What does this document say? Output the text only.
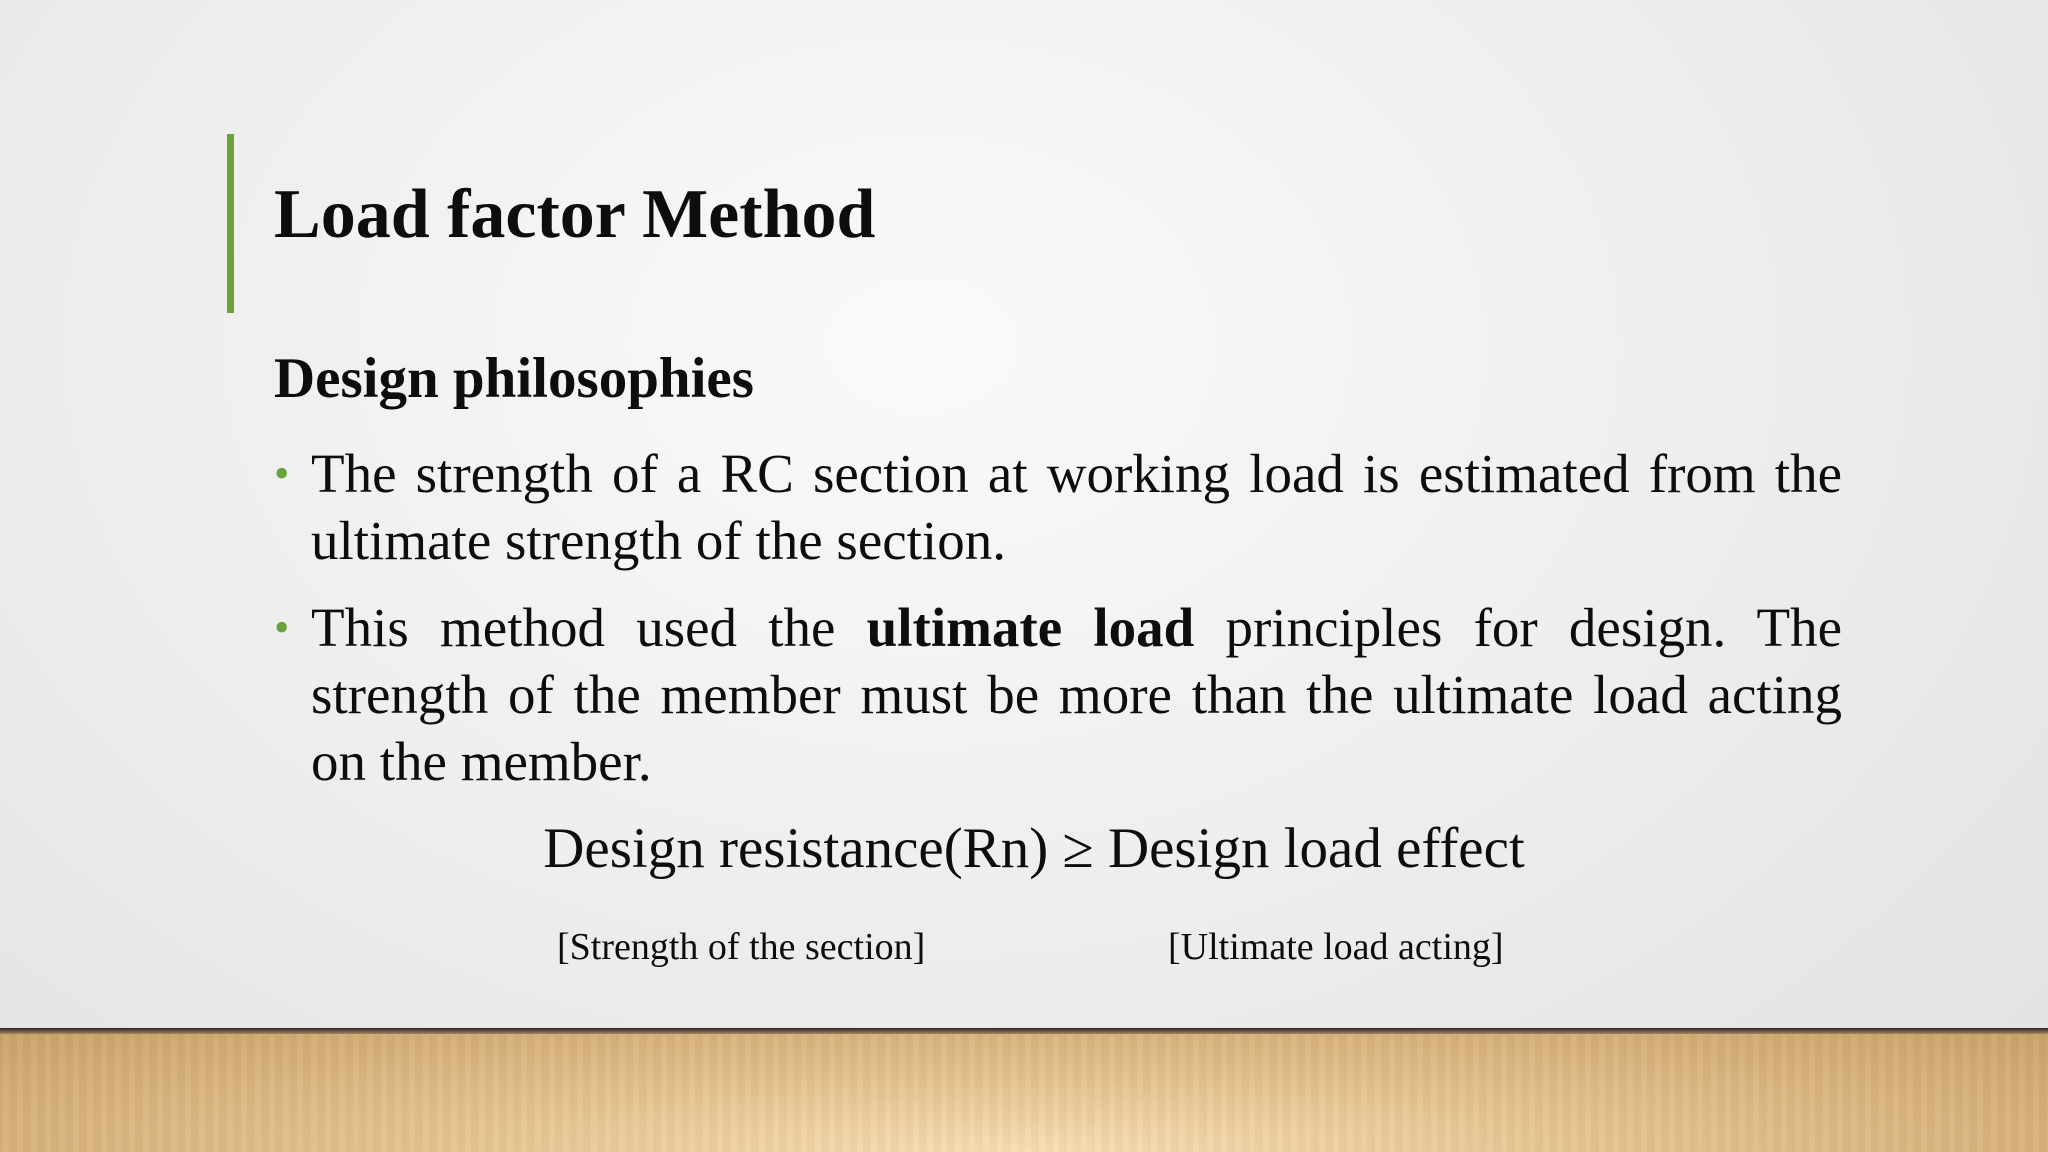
Load factor Method
Design philosophies
• The strength of a RC section at working load is estimated from the ultimate strength of the section.
• This method used the ultimate load principles for design. The strength of the member must be more than the ultimate load acting on the member.
Design resistance(Rn) ≥ Design load effect
[Strength of the section]	[Ultimate load acting]
